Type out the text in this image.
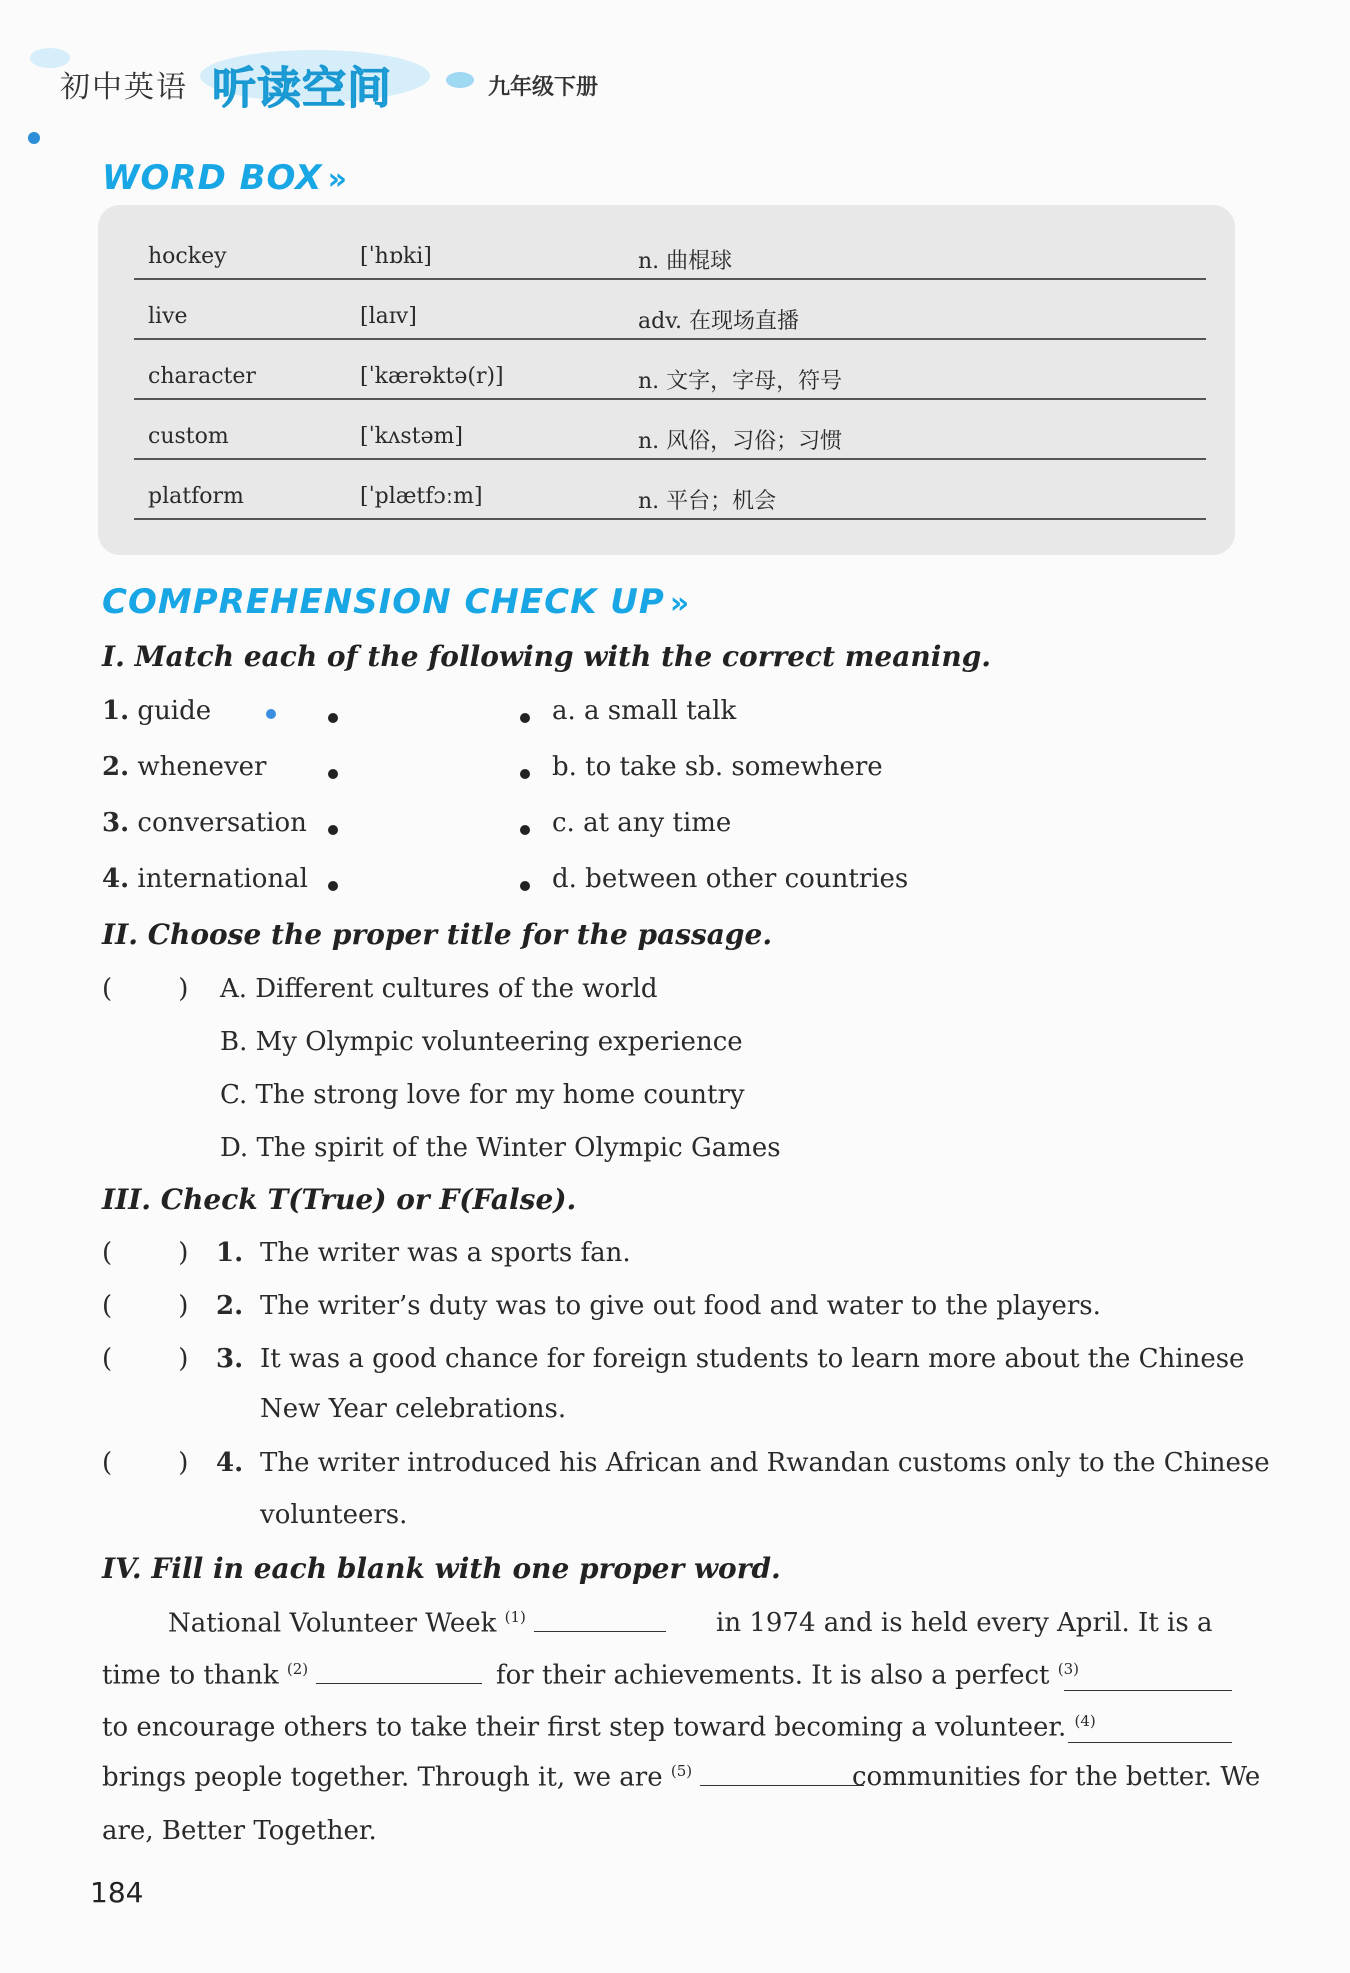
初中英语 听读空间	九年级下册
WORD BOX »
hockey	[ˈhɒki]	n. 曲棍球
live	[laɪv]	adv. 在现场直播
character	[ˈkærəktə(r)]	n. 文字，字母，符号
custom	[ˈkʌstəm]	n. 风俗，习俗；习惯
platform	[ˈplætfɔːm]	n. 平台；机会
COMPREHENSION CHECK UP »
I. Match each of the following with the correct meaning.
1. guide
2. whenever
3. conversation
4. international
a. a small talk
b. to take sb. somewhere
c. at any time
d. between other countries
II. Choose the proper title for the passage.
(        ) A. Different cultures of the world
B. My Olympic volunteering experience
C. The strong love for my home country
D. The spirit of the Winter Olympic Games
III. Check T(True) or F(False).
(        ) 1. The writer was a sports fan.
(        ) 2. The writer’s duty was to give out food and water to the players.
(        ) 3. It was a good chance for foreign students to learn more about the Chinese
New Year celebrations.
(        ) 4. The writer introduced his African and Rwandan customs only to the Chinese
volunteers.
IV. Fill in each blank with one proper word.
National Volunteer Week $^{(1)}$	in 1974 and is held every April. It is a
time to thank $^{(2)}$	for their achievements. It is also a perfect $^{(3)}$
to encourage others to take their first step toward becoming a volunteer. $^{(4)}$
brings people together. Through it, we are $^{(5)}$	communities for the better. We
are, Better Together.
184
